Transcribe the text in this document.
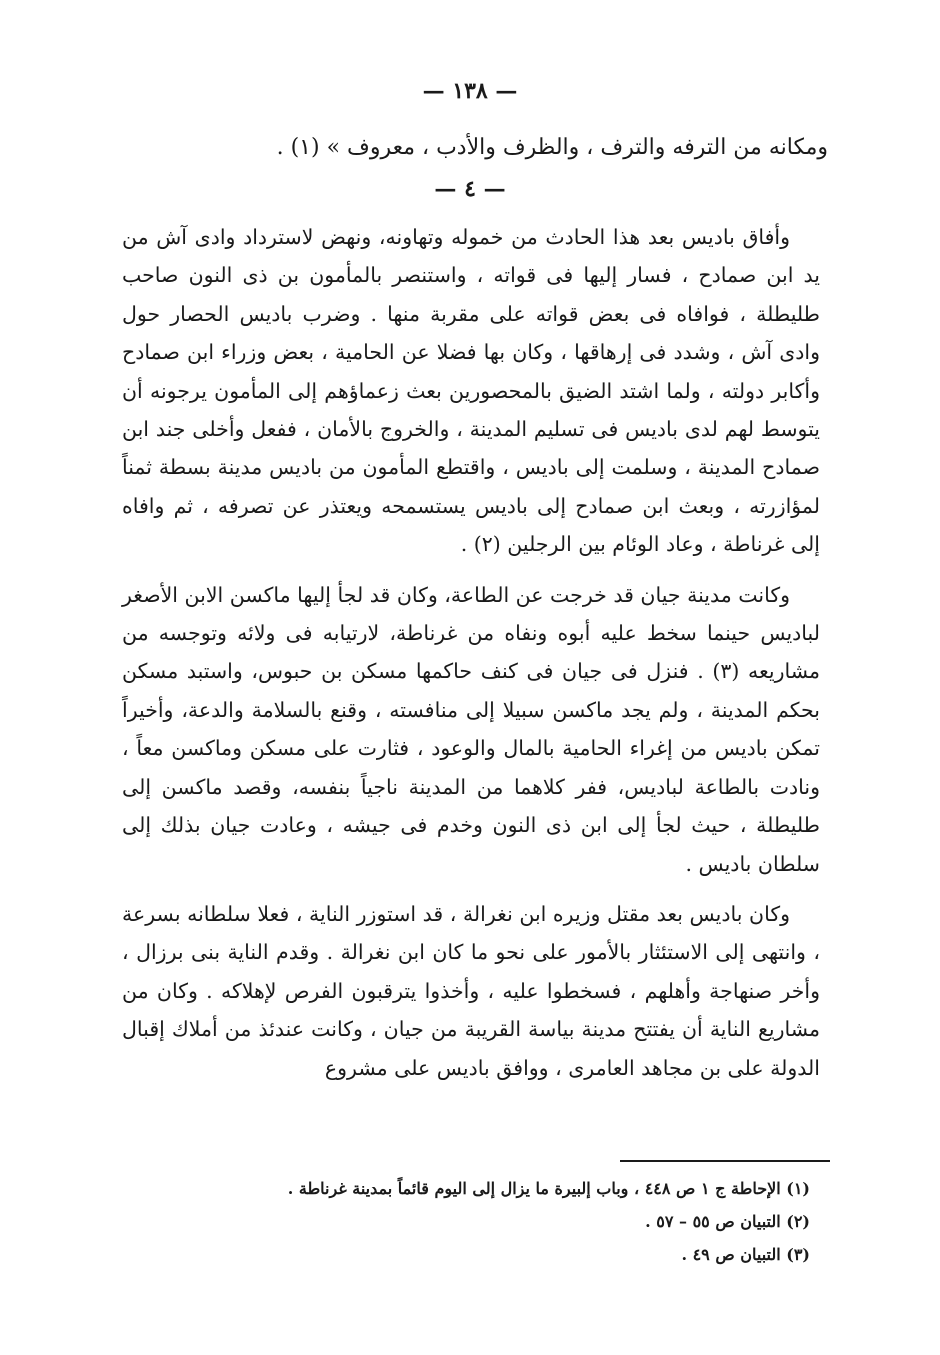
— ١٣٨ —

ومكانه من الترفه والترف ، والظرف والأدب ، معروف » (١) .

— ٤ —

وأفاق باديس بعد هذا الحادث من خموله وتهاونه، ونهض لاسترداد وادى آش من يد ابن صمادح ، فسار إليها فى قواته ، واستنصر بالمأمون بن ذى النون صاحب طليطلة ، فوافاه فى بعض قواته على مقربة منها . وضرب باديس الحصار حول وادى آش ، وشدد فى إرهاقها ، وكان بها فضلا عن الحامية ، بعض وزراء ابن صمادح وأكابر دولته ، ولما اشتد الضيق بالمحصورين بعث زعماؤهم إلى المأمون يرجونه أن يتوسط لهم لدى باديس فى تسليم المدينة ، والخروج بالأمان ، ففعل وأخلى جند ابن صمادح المدينة ، وسلمت إلى باديس ، واقتطع المأمون من باديس مدينة بسطة ثمناً لمؤازرته ، وبعث ابن صمادح إلى باديس يستسمحه ويعتذر عن تصرفه ، ثم وافاه إلى غرناطة ، وعاد الوئام بين الرجلين (٢) .

وكانت مدينة جيان قد خرجت عن الطاعة، وكان قد لجأ إليها ماكسن الابن الأصغر لباديس حينما سخط عليه أبوه ونفاه من غرناطة، لارتيابه فى ولائه وتوجسه من مشاريعه (٣) . فنزل فى جيان فى كنف حاكمها مسكن بن حبوس، واستبد مسكن بحكم المدينة ، ولم يجد ماكسن سبيلا إلى منافسته ، وقنع بالسلامة والدعة، وأخيراً تمكن باديس من إغراء الحامية بالمال والوعود ، فثارت على مسكن وماكسن معاً ، ونادت بالطاعة لباديس، ففر كلاهما من المدينة ناجياً بنفسه، وقصد ماكسن إلى طليطلة ، حيث لجأ إلى ابن ذى النون وخدم فى جيشه ، وعادت جيان بذلك إلى سلطان باديس .

وكان باديس بعد مقتل وزيره ابن نغرالة ، قد استوزر الناية ، فعلا سلطانه بسرعة ، وانتهى إلى الاستئثار بالأمور على نحو ما كان ابن نغرالة . وقدم الناية بنى برزال ، وأخر صنهاجة وأهلهم ، فسخطوا عليه ، وأخذوا يترقبون الفرص لإهلاكه . وكان من مشاريع الناية أن يفتتح مدينة بياسة القريبة من جيان ، وكانت عندئذ من أملاك إقبال الدولة على بن مجاهد العامرى ، ووافق باديس على مشروع

(١) الإحاطة ج ١ ص ٤٤٨ ، وباب إلبيرة ما يزال إلى اليوم قائماً بمدينة غرناطة .
(٢) التبيان ص ٥٥ – ٥٧ .
(٣) التبيان ص ٤٩ .
